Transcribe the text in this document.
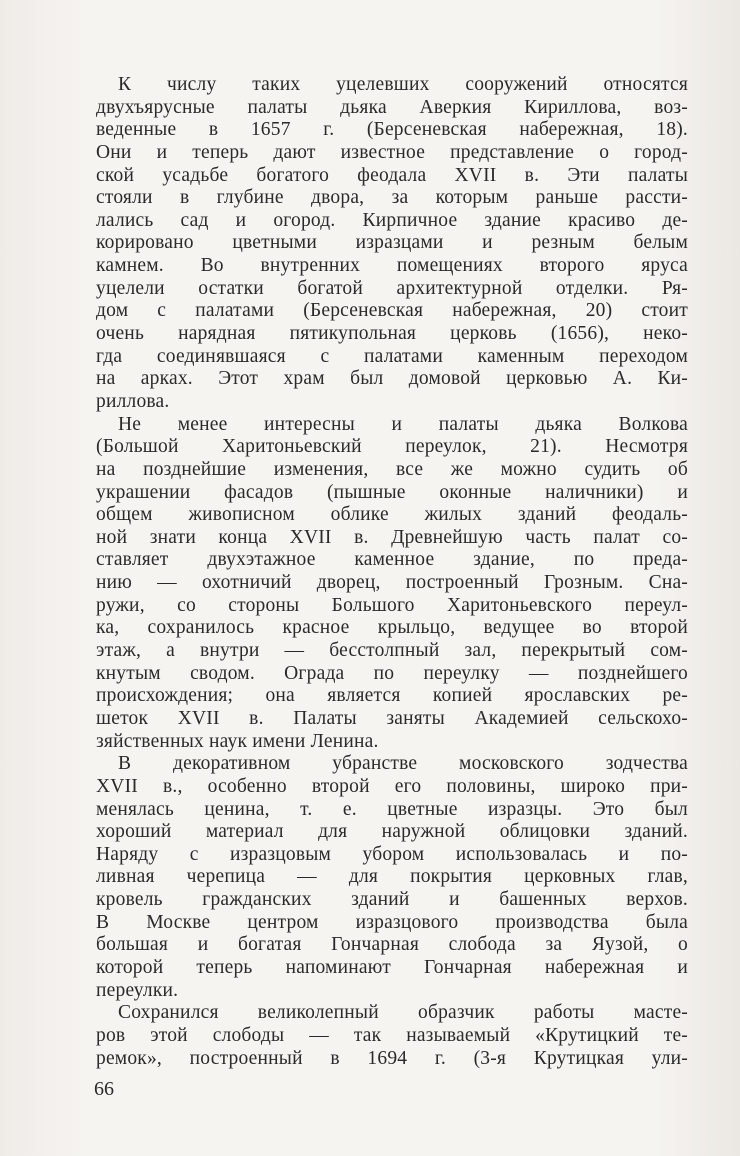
К числу таких уцелевших сооружений относятся
двухъярусные палаты дьяка Аверкия Кириллова, воз-
веденные в 1657 г. (Берсеневская набережная, 18).
Они и теперь дают известное представление о город-
ской усадьбе богатого феодала XVII в. Эти палаты
стояли в глубине двора, за которым раньше рассти-
лались сад и огород. Кирпичное здание красиво де-
корировано цветными изразцами и резным белым
камнем. Во внутренних помещениях второго яруса
уцелели остатки богатой архитектурной отделки. Ря-
дом с палатами (Берсеневская набережная, 20) стоит
очень нарядная пятикупольная церковь (1656), неко-
гда соединявшаяся с палатами каменным переходом
на арках. Этот храм был домовой церковью А. Ки-
риллова.
Не менее интересны и палаты дьяка Волкова
(Большой Харитоньевский переулок, 21). Несмотря
на позднейшие изменения, все же можно судить об
украшении фасадов (пышные оконные наличники) и
общем живописном облике жилых зданий феодаль-
ной знати конца XVII в. Древнейшую часть палат со-
ставляет двухэтажное каменное здание, по преда-
нию — охотничий дворец, построенный Грозным. Сна-
ружи, со стороны Большого Харитоньевского переул-
ка, сохранилось красное крыльцо, ведущее во второй
этаж, а внутри — бесстолпный зал, перекрытый сом-
кнутым сводом. Ограда по переулку — позднейшего
происхождения; она является копией ярославских ре-
шеток XVII в. Палаты заняты Академией сельскохо-
зяйственных наук имени Ленина.
В декоративном убранстве московского зодчества
XVII в., особенно второй его половины, широко при-
менялась ценина, т. е. цветные изразцы. Это был
хороший материал для наружной облицовки зданий.
Наряду с изразцовым убором использовалась и по-
ливная черепица — для покрытия церковных глав,
кровель гражданских зданий и башенных верхов.
В Москве центром изразцового производства была
большая и богатая Гончарная слобода за Яузой, о
которой теперь напоминают Гончарная набережная и
переулки.
Сохранился великолепный образчик работы масте-
ров этой слободы — так называемый «Крутицкий те-
ремок», построенный в 1694 г. (3-я Крутицкая ули-
66
